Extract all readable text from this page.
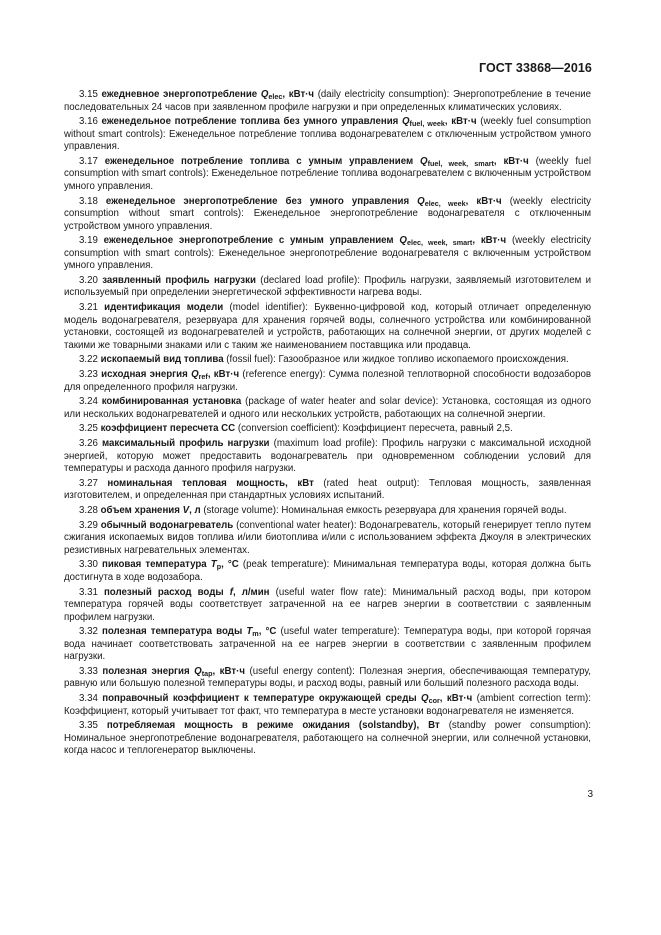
ГОСТ 33868—2016

3.15 ежедневное энергопотребление $Q_{elec}$, кВт·ч (daily electricity consumption): Энергопотребление в течение последовательных 24 часов при заявленном профиле нагрузки и при определенных климатических условиях.

3.16 еженедельное потребление топлива без умного управления $Q_{fuel, week}$, кВт·ч (weekly fuel consumption without smart controls): Еженедельное потребление топлива водонагревателем с отключенным устройством умного управления.

3.17 еженедельное потребление топлива с умным управлением $Q_{fuel, week, smart}$, кВт·ч (weekly fuel consumption with smart controls): Еженедельное потребление топлива водонагревателем с включенным устройством умного управления.

3.18 еженедельное энергопотребление без умного управления $Q_{elec, week}$, кВт·ч (weekly electricity consumption without smart controls): Еженедельное энергопотребление водонагревателя с отключенным устройством умного управления.

3.19 еженедельное энергопотребление с умным управлением $Q_{elec, week, smart}$, кВт·ч (weekly electricity consumption with smart controls): Еженедельное энергопотребление водонагревателя с включенным устройством умного управления.

3.20 заявленный профиль нагрузки (declared load profile): Профиль нагрузки, заявляемый изготовителем и используемый при определении энергетической эффективности нагрева воды.

3.21 идентификация модели (model identifier): Буквенно-цифровой код, который отличает определенную модель водонагревателя, резервуара для хранения горячей воды, солнечного устройства или комбинированной установки, состоящей из водонагревателей и устройств, работающих на солнечной энергии, от других моделей с такими же товарными знаками или с таким же наименованием поставщика или продавца.

3.22 ископаемый вид топлива (fossil fuel): Газообразное или жидкое топливо ископаемого происхождения.

3.23 исходная энергия $Q_{ref}$, кВт·ч (reference energy): Сумма полезной теплотворной способности водозаборов для определенного профиля нагрузки.

3.24 комбинированная установка (package of water heater and solar device): Установка, состоящая из одного или нескольких водонагревателей и одного или нескольких устройств, работающих на солнечной энергии.

3.25 коэффициент пересчета СС (conversion coefficient): Коэффициент пересчета, равный 2,5.

3.26 максимальный профиль нагрузки (maximum load profile): Профиль нагрузки с максимальной исходной энергией, которую может предоставить водонагреватель при одновременном соблюдении условий для температуры и расхода данного профиля нагрузки.

3.27 номинальная тепловая мощность, кВт (rated heat output): Тепловая мощность, заявленная изготовителем, и определенная при стандартных условиях испытаний.

3.28 объем хранения V, л (storage volume): Номинальная емкость резервуара для хранения горячей воды.

3.29 обычный водонагреватель (conventional water heater): Водонагреватель, который генерирует тепло путем сжигания ископаемых видов топлива и/или биотоплива и/или с использованием эффекта Джоуля в электрических резистивных нагревательных элементах.

3.30 пиковая температура $T_p$, °С (peak temperature): Минимальная температура воды, которая должна быть достигнута в ходе водозабора.

3.31 полезный расход воды f, л/мин (useful water flow rate): Минимальный расход воды, при котором температура горячей воды соответствует затраченной на ее нагрев энергии в соответствии с заявленным профилем нагрузки.

3.32 полезная температура воды $T_m$, °С (useful water temperature): Температура воды, при которой горячая вода начинает соответствовать затраченной на ее нагрев энергии в соответствии с заявленным профилем нагрузки.

3.33 полезная энергия $Q_{tap}$, кВт·ч (useful energy content): Полезная энергия, обеспечивающая температуру, равную или большую полезной температуры воды, и расход воды, равный или больший полезного расхода воды.

3.34 поправочный коэффициент к температуре окружающей среды $Q_{cor}$, кВт·ч (ambient correction term): Коэффициент, который учитывает тот факт, что температура в месте установки водонагревателя не изменяется.

3.35 потребляемая мощность в режиме ожидания (solstandby), Вт (standby power consumption): Номинальное энергопотребление водонагревателя, работающего на солнечной энергии, или солнечной установки, когда насос и теплогенератор выключены.

3
